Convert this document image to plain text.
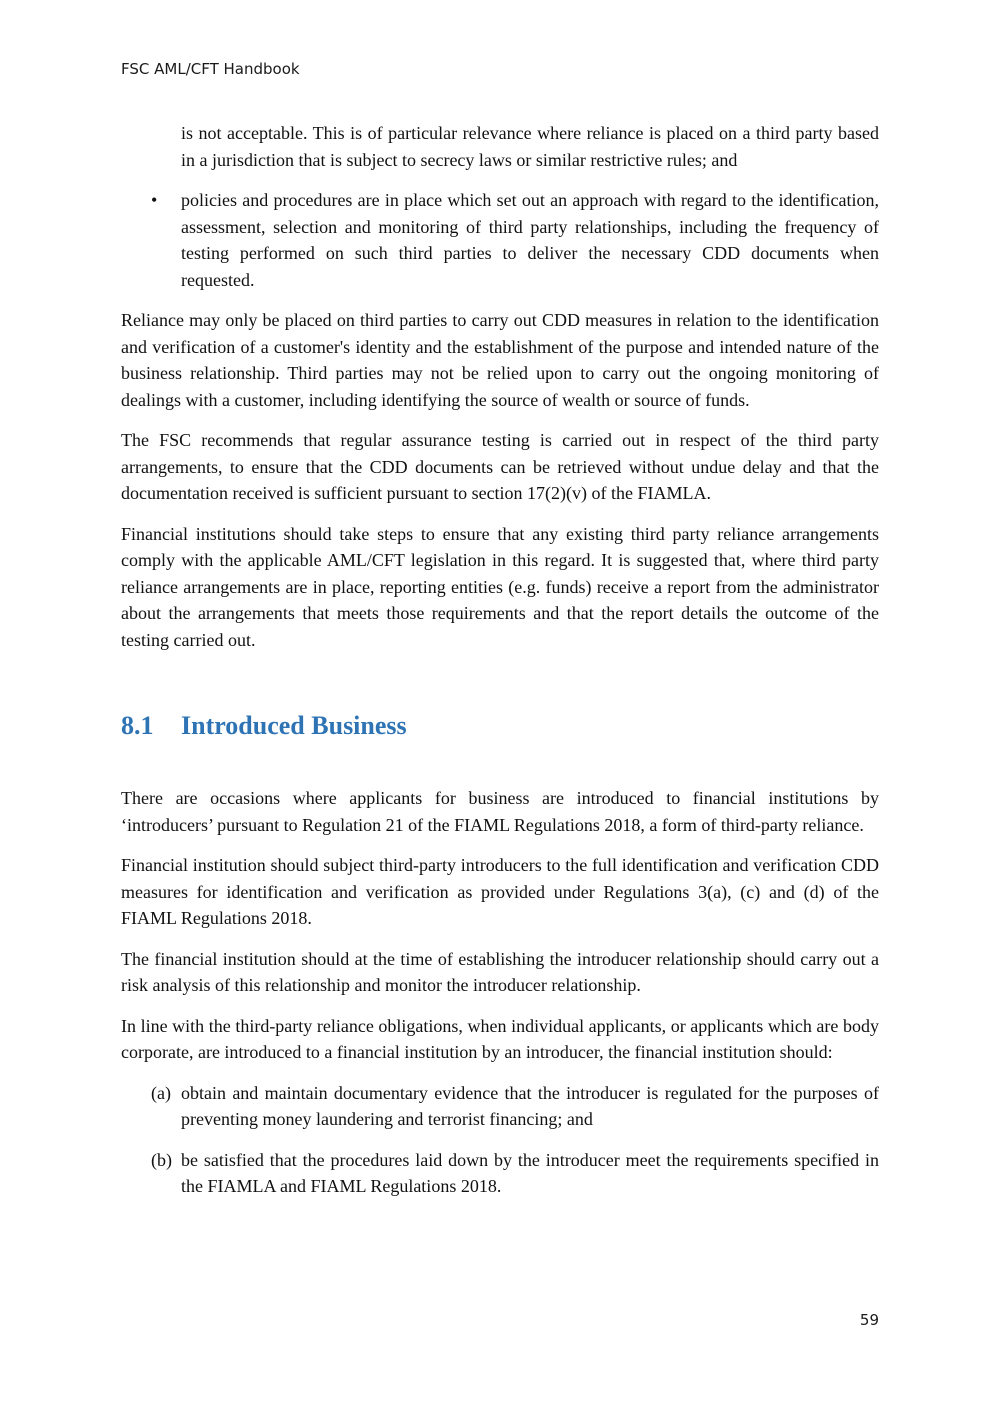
FSC AML/CFT Handbook

is not acceptable. This is of particular relevance where reliance is placed on a third party based in a jurisdiction that is subject to secrecy laws or similar restrictive rules; and

• policies and procedures are in place which set out an approach with regard to the identification, assessment, selection and monitoring of third party relationships, including the frequency of testing performed on such third parties to deliver the necessary CDD documents when requested.

Reliance may only be placed on third parties to carry out CDD measures in relation to the identification and verification of a customer's identity and the establishment of the purpose and intended nature of the business relationship. Third parties may not be relied upon to carry out the ongoing monitoring of dealings with a customer, including identifying the source of wealth or source of funds.

The FSC recommends that regular assurance testing is carried out in respect of the third party arrangements, to ensure that the CDD documents can be retrieved without undue delay and that the documentation received is sufficient pursuant to section 17(2)(v) of the FIAMLA.

Financial institutions should take steps to ensure that any existing third party reliance arrangements comply with the applicable AML/CFT legislation in this regard. It is suggested that, where third party reliance arrangements are in place, reporting entities (e.g. funds) receive a report from the administrator about the arrangements that meets those requirements and that the report details the outcome of the testing carried out.

8.1 Introduced Business

There are occasions where applicants for business are introduced to financial institutions by ‘introducers’ pursuant to Regulation 21 of the FIAML Regulations 2018, a form of third-party reliance.

Financial institution should subject third-party introducers to the full identification and verification CDD measures for identification and verification as provided under Regulations 3(a), (c) and (d) of the FIAML Regulations 2018.

The financial institution should at the time of establishing the introducer relationship should carry out a risk analysis of this relationship and monitor the introducer relationship.

In line with the third-party reliance obligations, when individual applicants, or applicants which are body corporate, are introduced to a financial institution by an introducer, the financial institution should:

(a) obtain and maintain documentary evidence that the introducer is regulated for the purposes of preventing money laundering and terrorist financing; and
(b) be satisfied that the procedures laid down by the introducer meet the requirements specified in the FIAMLA and FIAML Regulations 2018.
59
